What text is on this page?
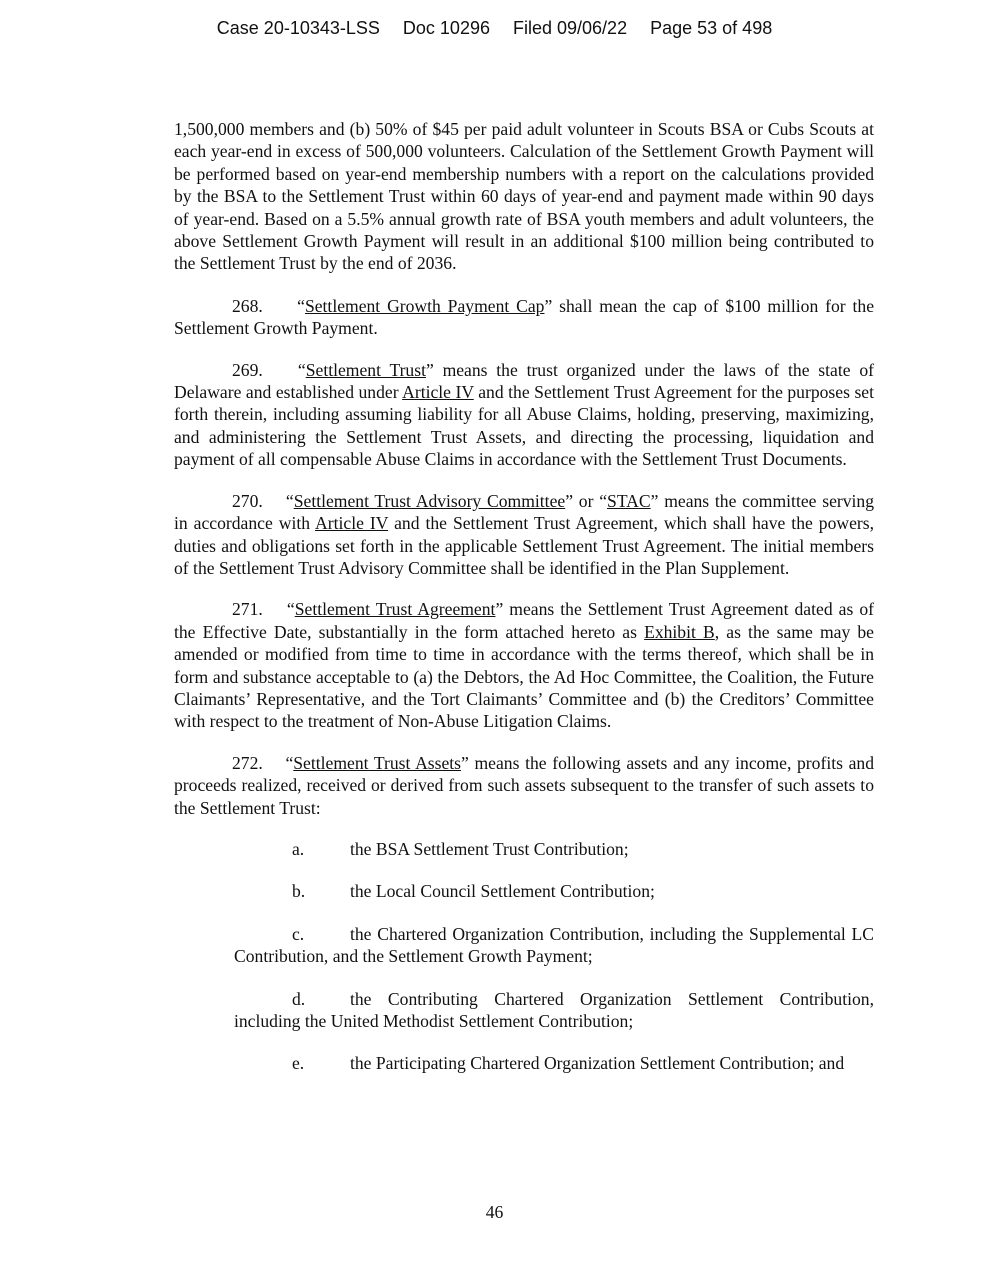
Case 20-10343-LSS Doc 10296 Filed 09/06/22 Page 53 of 498

1,500,000 members and (b) 50% of $45 per paid adult volunteer in Scouts BSA or Cubs Scouts at each year-end in excess of 500,000 volunteers. Calculation of the Settlement Growth Payment will be performed based on year-end membership numbers with a report on the calculations provided by the BSA to the Settlement Trust within 60 days of year-end and payment made within 90 days of year-end. Based on a 5.5% annual growth rate of BSA youth members and adult volunteers, the above Settlement Growth Payment will result in an additional $100 million being contributed to the Settlement Trust by the end of 2036.

268. “Settlement Growth Payment Cap” shall mean the cap of $100 million for the Settlement Growth Payment.

269. “Settlement Trust” means the trust organized under the laws of the state of Delaware and established under Article IV and the Settlement Trust Agreement for the purposes set forth therein, including assuming liability for all Abuse Claims, holding, preserving, maximizing, and administering the Settlement Trust Assets, and directing the processing, liquidation and payment of all compensable Abuse Claims in accordance with the Settlement Trust Documents.

270. “Settlement Trust Advisory Committee” or “STAC” means the committee serving in accordance with Article IV and the Settlement Trust Agreement, which shall have the powers, duties and obligations set forth in the applicable Settlement Trust Agreement. The initial members of the Settlement Trust Advisory Committee shall be identified in the Plan Supplement.

271. “Settlement Trust Agreement” means the Settlement Trust Agreement dated as of the Effective Date, substantially in the form attached hereto as Exhibit B, as the same may be amended or modified from time to time in accordance with the terms thereof, which shall be in form and substance acceptable to (a) the Debtors, the Ad Hoc Committee, the Coalition, the Future Claimants’ Representative, and the Tort Claimants’ Committee and (b) the Creditors’ Committee with respect to the treatment of Non-Abuse Litigation Claims.

272. “Settlement Trust Assets” means the following assets and any income, profits and proceeds realized, received or derived from such assets subsequent to the transfer of such assets to the Settlement Trust:

a.	the BSA Settlement Trust Contribution;

b.	the Local Council Settlement Contribution;

c.	the Chartered Organization Contribution, including the Supplemental LC Contribution, and the Settlement Growth Payment;

d.	the Contributing Chartered Organization Settlement Contribution, including the United Methodist Settlement Contribution;

e.	the Participating Chartered Organization Settlement Contribution; and

46
